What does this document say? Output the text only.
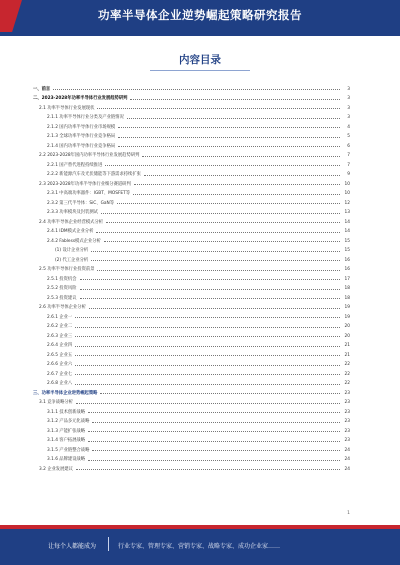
功率半导体企业逆势崛起策略研究报告
内容目录
一、前言	3
二、2023-2028年功率半导体行业发展趋势研判	3
2.1 功率半导体行业发展现状	3
2.1.1 功率半导体行业分类及产业链情况	3
2.1.2 国内功率半导体行业市场规模	4
2.1.3 全球功率半导体行业竞争格局	5
2.1.4 国内功率半导体行业竞争格局	6
2.2 2023-2028年国内功率半导体行业发展趋势研判	7
2.2.1 国产替代进程持续推进	7
2.2.2 新能源汽车及光伏储能等下游需求持续扩张	9
2.3 2023-2028年功率半导体行业细分赛道研判	10
2.3.1 中高端功率器件：IGBT、MOSFET等	10
2.3.2 第三代半导体：SiC、GaN等	12
2.3.3 功率模块及封装测试	13
2.4 功率半导体企业经营模式分析	14
2.4.1 IDM模式企业分析	14
2.4.2 Fabless模式企业分析	15
(1) 设计企业分析	15
(2) 代工企业分析	16
2.5 功率半导体行业投资前景	16
2.5.1 投资机会	17
2.5.2 投资风险	18
2.5.3 投资建议	18
2.6 功率半导体企业分析	19
2.6.1 企业一	19
2.6.2 企业二	20
2.6.3 企业三	20
2.6.4 企业四	21
2.6.5 企业五	21
2.6.6 企业六	22
2.6.7 企业七	22
2.6.8 企业八	22
三、功率半导体企业逆势崛起策略	23
3.1 竞争战略分析	23
3.1.1 技术创新战略	23
3.1.2 产品多元化战略	23
3.1.3 产能扩张战略	23
3.1.4 客户拓展战略	23
3.1.5 产业链整合战略	24
3.1.6 品牌建设战略	24
3.2 企业发展建议	24
1
让每个人都能成为	行业专家、管理专家、营销专家、战略专家、成功企业家……
